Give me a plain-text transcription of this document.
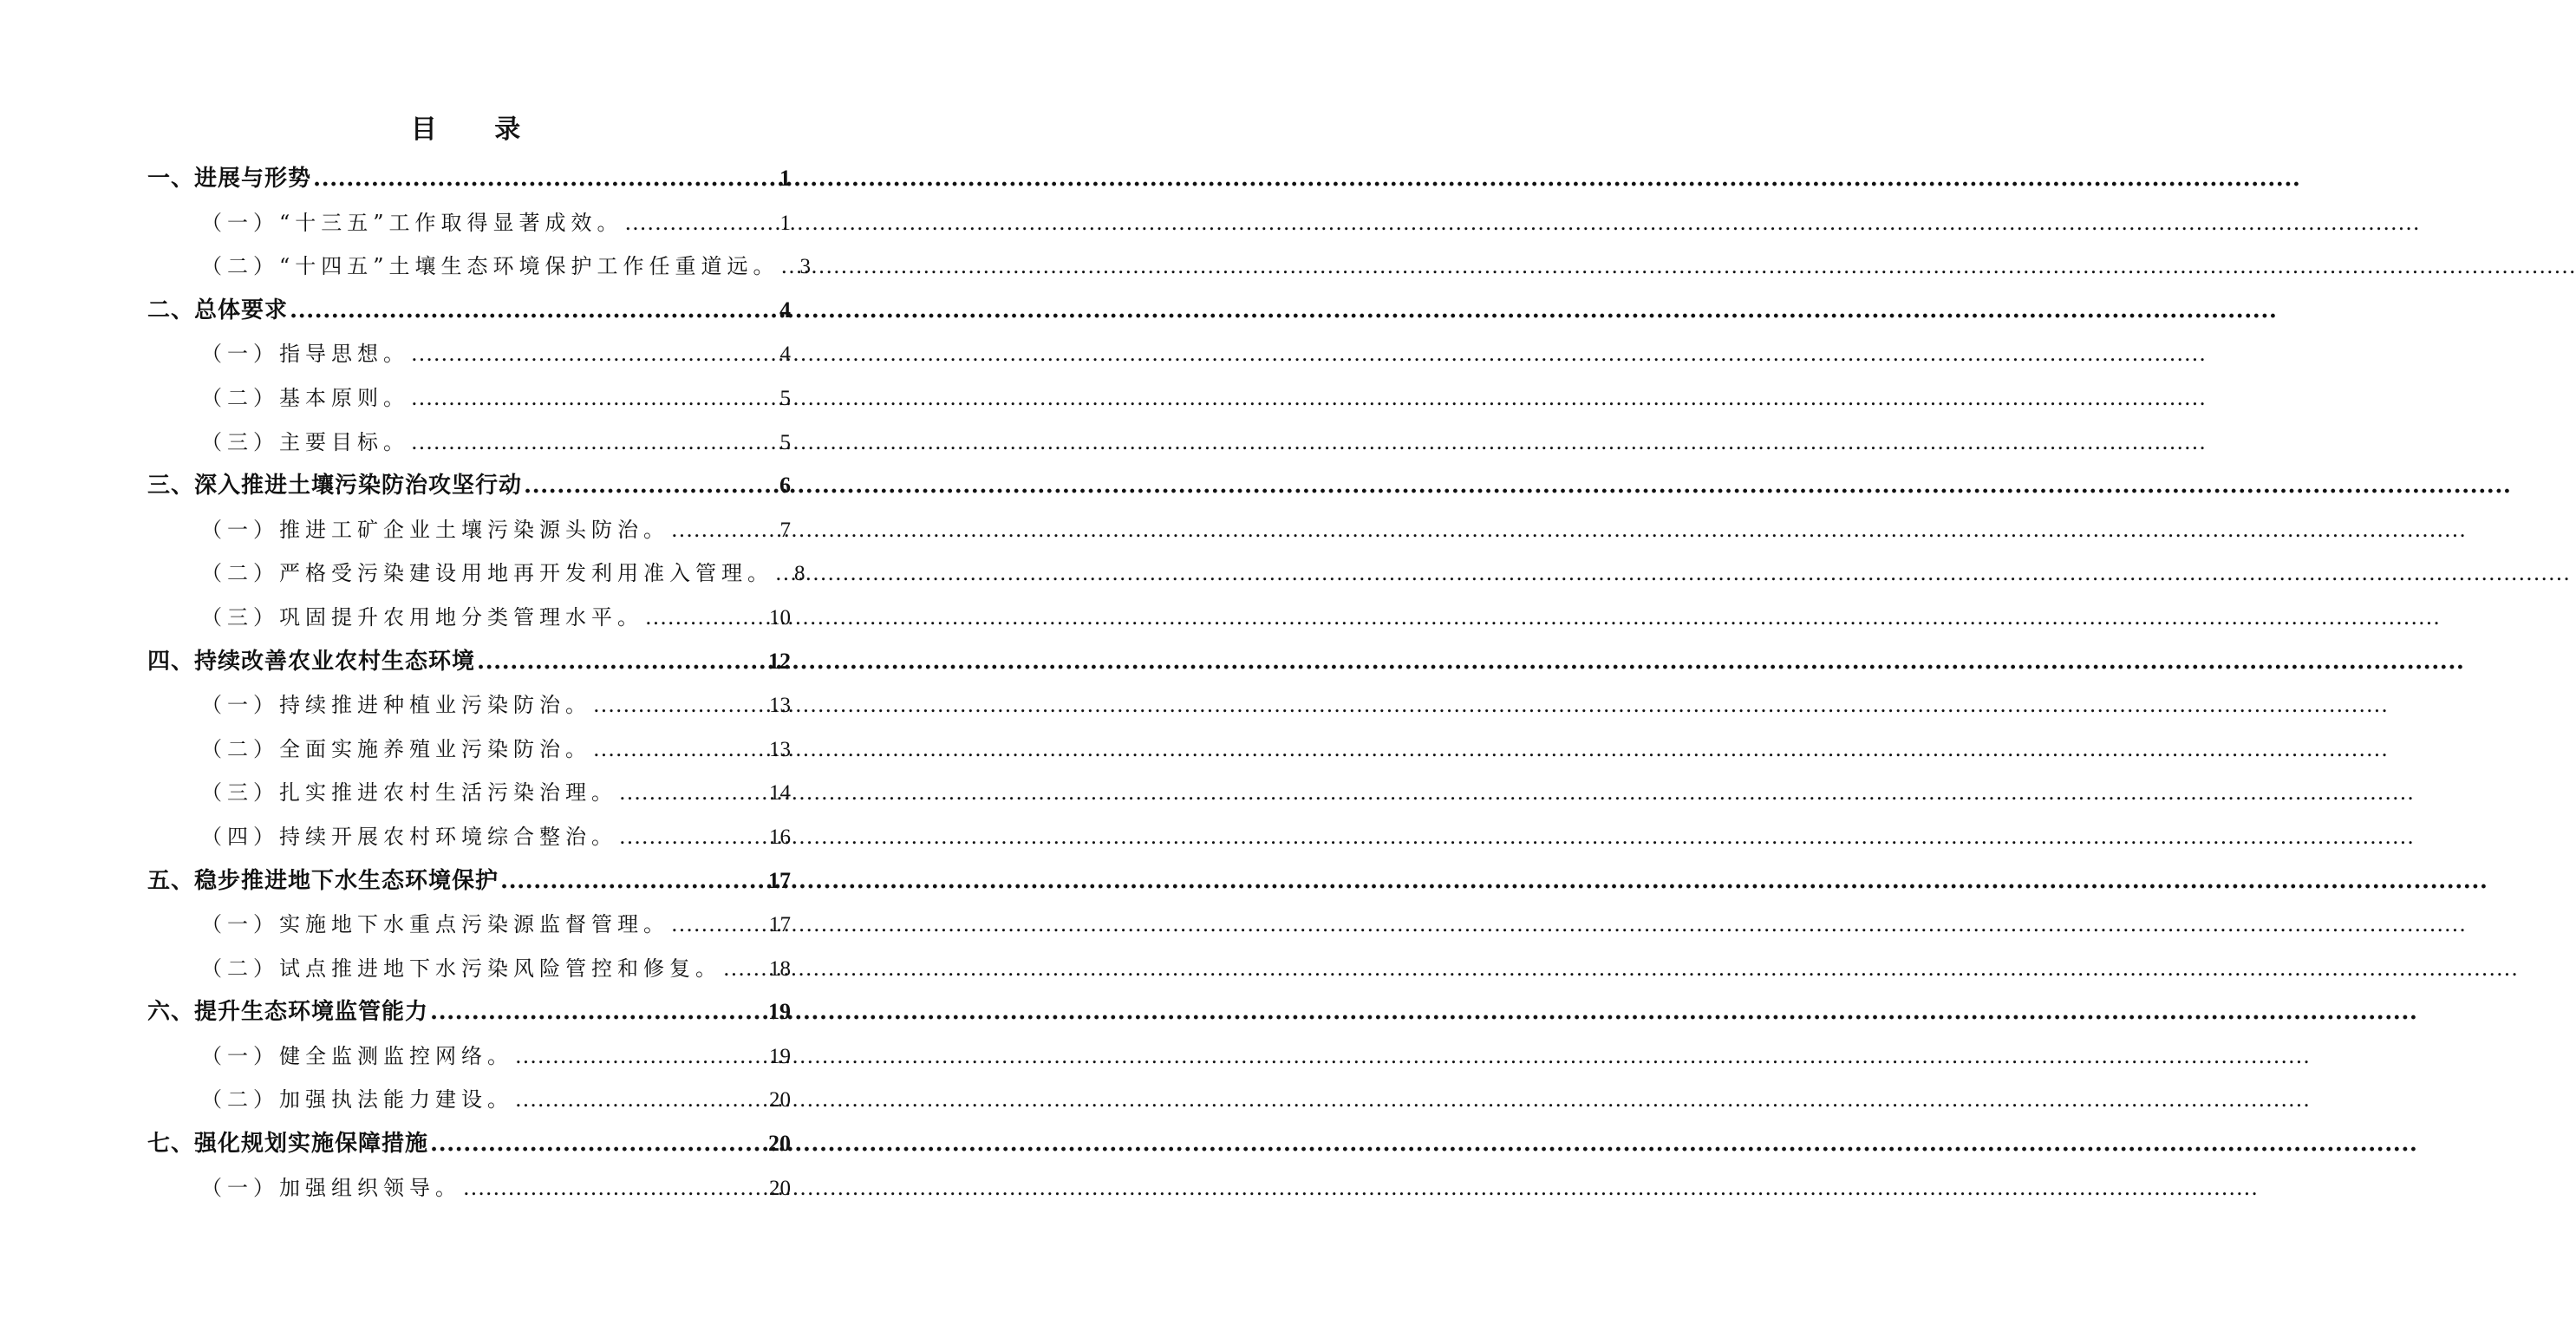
目 录
一、进展与形势 .....	1
（一）“十三五”工作取得显著成效。 .....	1
（二）“十四五”土壤生态环境保护工作任重道远。 ..... 3
二、总体要求 .....	4
（一）指导思想。 .....	4
（二）基本原则。 .....	5
（三）主要目标。 .....	5
三、深入推进土壤污染防治攻坚行动 .....	6
（一）推进工矿企业土壤污染源头防治。 .....	7
（二）严格受污染建设用地再开发利用准入管理。 ..... 8
（三）巩固提升农用地分类管理水平。 .....	10
四、持续改善农业农村生态环境 .....	12
（一）持续推进种植业污染防治。 .....	13
（二）全面实施养殖业污染防治。 .....	13
（三）扎实推进农村生活污染治理。 .....	14
（四）持续开展农村环境综合整治。 .....	16
五、稳步推进地下水生态环境保护 .....	17
（一）实施地下水重点污染源监督管理。 .....	17
（二）试点推进地下水污染风险管控和修复。 ..... 18
六、提升生态环境监管能力 .....	19
（一）健全监测监控网络。 .....	19
（二）加强执法能力建设。 .....	20
七、强化规划实施保障措施 .....	20
（一）加强组织领导。 .....	20
